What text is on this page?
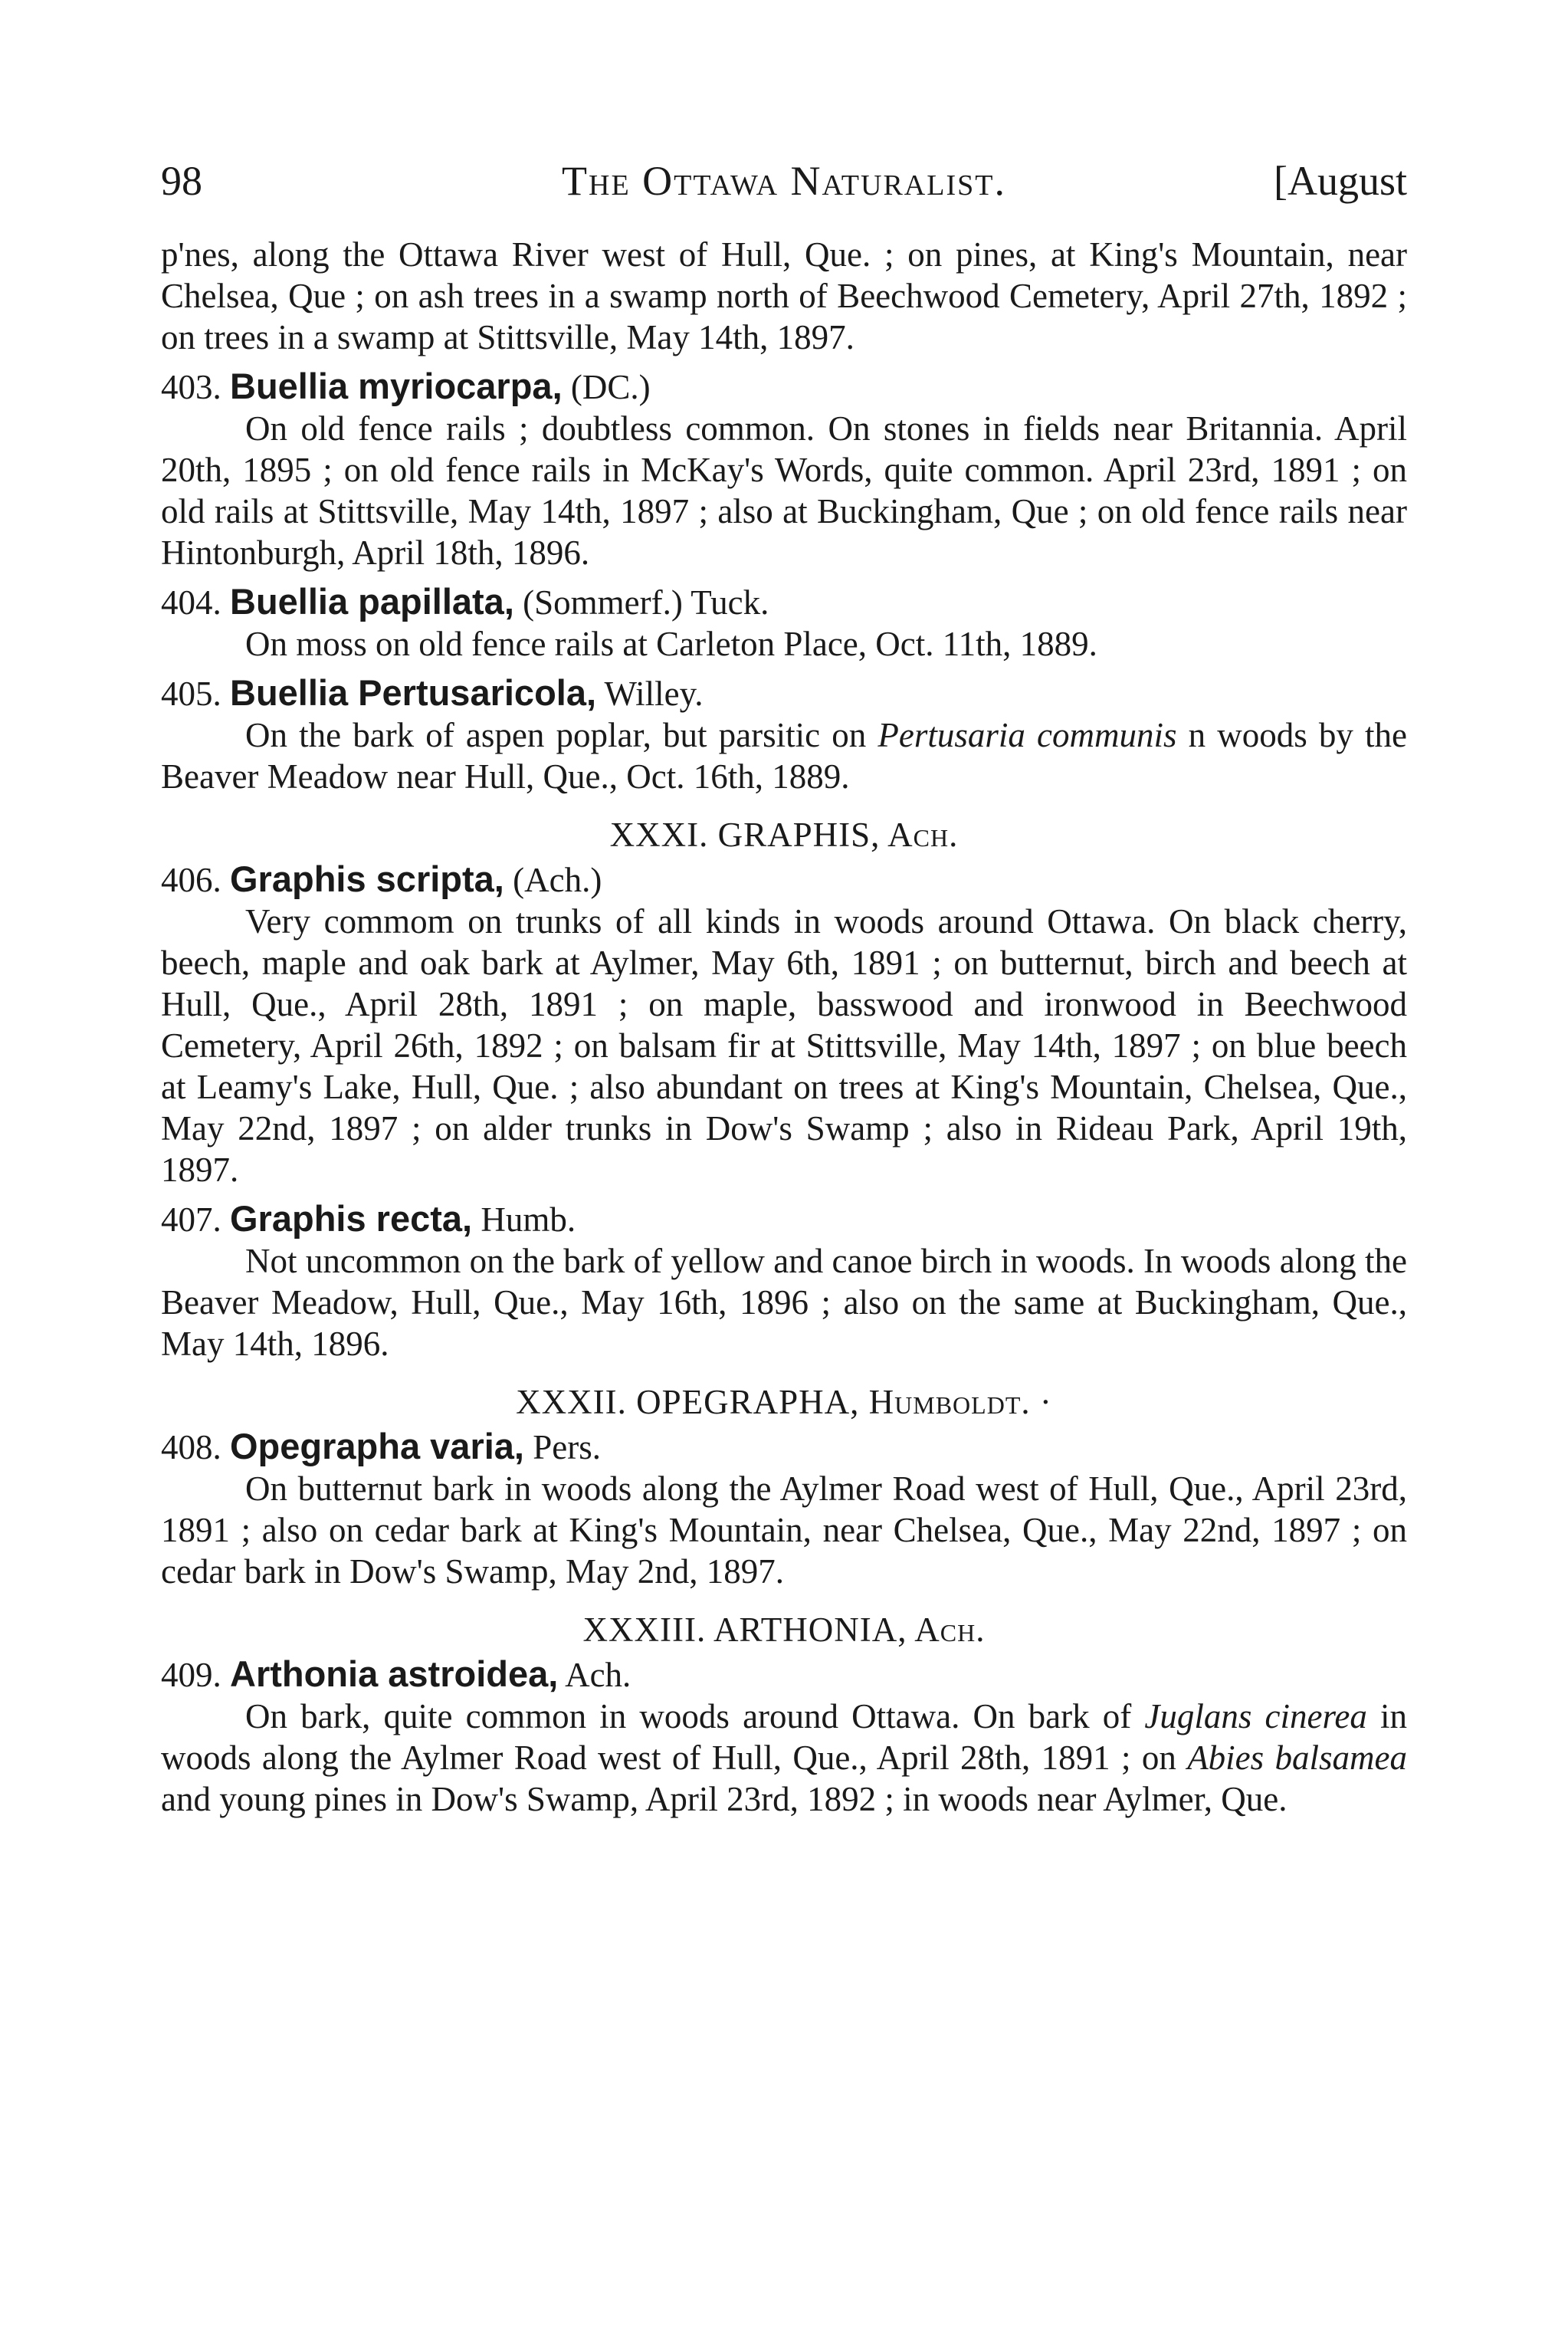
98	The Ottawa Naturalist.	[August

p'nes, along the Ottawa River west of Hull, Que. ; on pines, at King's Mountain, near Chelsea, Que ; on ash trees in a swamp north of Beechwood Cemetery, April 27th, 1892 ; on trees in a swamp at Stittsville, May 14th, 1897.

403. Buellia myriocarpa, (DC.)

On old fence rails ; doubtless common. On stones in fields near Britannia. April 20th, 1895 ; on old fence rails in McKay's Words, quite common. April 23rd, 1891 ; on old rails at Stittsville, May 14th, 1897 ; also at Buckingham, Que ; on old fence rails near Hintonburgh, April 18th, 1896.

404. Buellia papillata, (Sommerf.) Tuck.

On moss on old fence rails at Carleton Place, Oct. 11th, 1889.

405. Buellia Pertusaricola, Willey.

On the bark of aspen poplar, but parsitic on Pertusaria communis n woods by the Beaver Meadow near Hull, Que., Oct. 16th, 1889.

XXXI. GRAPHIS, Ach.

406. Graphis scripta, (Ach.)

Very commom on trunks of all kinds in woods around Ottawa. On black cherry, beech, maple and oak bark at Aylmer, May 6th, 1891 ; on butternut, birch and beech at Hull, Que., April 28th, 1891 ; on maple, basswood and ironwood in Beechwood Cemetery, April 26th, 1892 ; on balsam fir at Stittsville, May 14th, 1897 ; on blue beech at Leamy's Lake, Hull, Que. ; also abundant on trees at King's Mountain, Chelsea, Que., May 22nd, 1897 ; on alder trunks in Dow's Swamp ; also in Rideau Park, April 19th, 1897.

407. Graphis recta, Humb.

Not uncommon on the bark of yellow and canoe birch in woods. In woods along the Beaver Meadow, Hull, Que., May 16th, 1896 ; also on the same at Buckingham, Que., May 14th, 1896.

XXXII. OPEGRAPHA, Humboldt. ·

408. Opegrapha varia, Pers.

On butternut bark in woods along the Aylmer Road west of Hull, Que., April 23rd, 1891 ; also on cedar bark at King's Mountain, near Chelsea, Que., May 22nd, 1897 ; on cedar bark in Dow's Swamp, May 2nd, 1897.

XXXIII. ARTHONIA, Ach.

409. Arthonia astroidea, Ach.

On bark, quite common in woods around Ottawa. On bark of Juglans cinerea in woods along the Aylmer Road west of Hull, Que., April 28th, 1891 ; on Abies balsamea and young pines in Dow's Swamp, April 23rd, 1892 ; in woods near Aylmer, Que.
